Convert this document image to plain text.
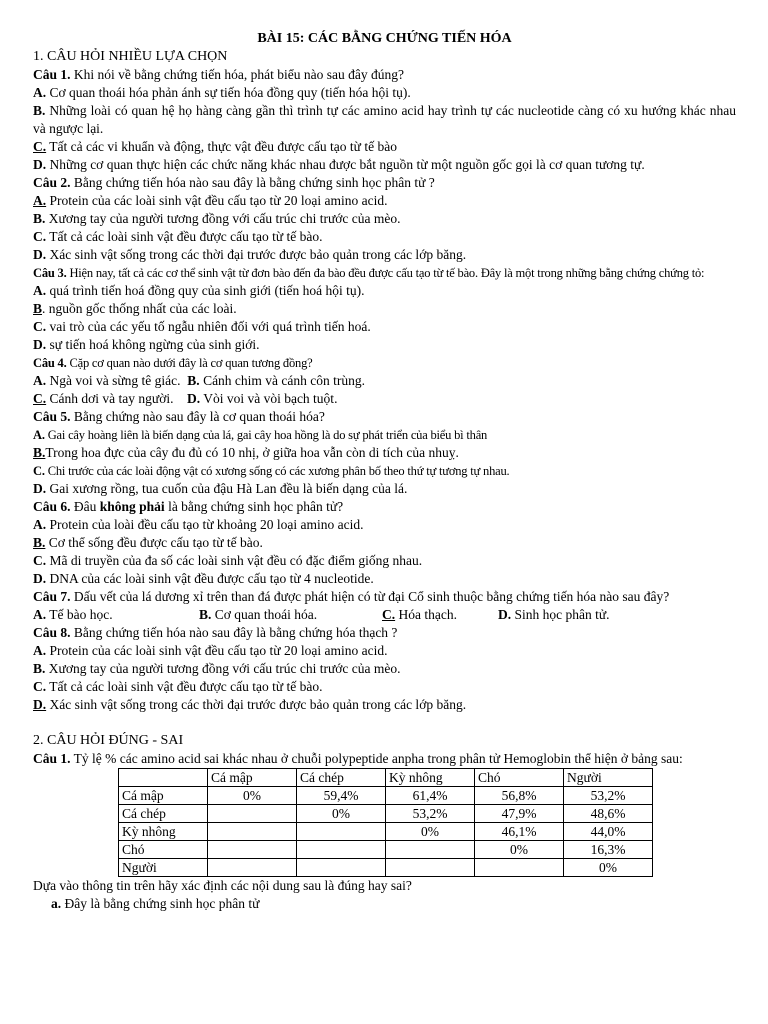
BÀI 15: CÁC BẰNG CHỨNG TIẾN HÓA

1. CÂU HỎI NHIỀU LỰA CHỌN

Câu 1. Khi nói về bằng chứng tiến hóa, phát biểu nào sau đây đúng?

A. Cơ quan thoái hóa phản ánh sự tiến hóa đồng quy (tiến hóa hội tụ).

B. Những loài có quan hệ họ hàng càng gần thì trình tự các amino acid hay trình tự các nucleotide càng có xu hướng khác nhau và ngược lại.

C. Tất cả các vi khuẩn và động, thực vật đều được cấu tạo từ tế bào

D. Những cơ quan thực hiện các chức năng khác nhau được bắt nguồn từ một nguồn gốc gọi là cơ quan tương tự.

Câu 2. Bằng chứng tiến hóa nào sau đây là bằng chứng sinh học phân tử ?

A. Protein của các loài sinh vật đều cấu tạo từ 20 loại amino acid.

B. Xương tay của người tương đồng với cấu trúc chi trước của mèo.

C. Tất cả các loài sinh vật đều được cấu tạo từ tế bào.

D. Xác sinh vật sống trong các thời đại trước được bảo quản trong các lớp băng.

Câu 3. Hiện nay, tất cả các cơ thể sinh vật từ đơn bào đến đa bào đều được cấu tạo từ tế bào. Đây là một trong những bằng chứng chứng tỏ:

A. quá trình tiến hoá đồng quy của sinh giới (tiến hoá hội tụ).

B. nguồn gốc thống nhất của các loài.

C. vai trò của các yếu tố ngẫu nhiên đối với quá trình tiến hoá.

D. sự tiến hoá không ngừng của sinh giới.

Câu 4. Cặp cơ quan nào dưới đây là cơ quan tương đồng?

A. Ngà voi và sừng tê giác. B. Cánh chim và cánh côn trùng.

C. Cánh dơi và tay người. D. Vòi voi và vòi bạch tuột.

Câu 5. Bằng chứng nào sau đây là cơ quan thoái hóa?

A. Gai cây hoàng liên là biến dạng của lá, gai cây hoa hồng là do sự phát triển của biểu bì thân

B.Trong hoa đực của cây đu đủ có 10 nhị, ở giữa hoa vẫn còn di tích của nhuỵ.

C. Chi trước của các loài động vật có xương sống có các xương phân bố theo thứ tự tương tự nhau.

D. Gai xương rồng, tua cuốn của đậu Hà Lan đều là biến dạng của lá.

Câu 6. Đâu không phải là bằng chứng sinh học phân tử?

A. Protein của loài đều cấu tạo từ khoảng 20 loại amino acid.

B. Cơ thể sống đều được cấu tạo từ tế bào.

C. Mã di truyền của đa số các loài sinh vật đều có đặc điểm giống nhau.

D. DNA của các loài sinh vật đều được cấu tạo từ 4 nucleotide.

Câu 7. Dấu vết của lá dương xỉ trên than đá được phát hiện có từ đại Cổ sinh thuộc bằng chứng tiến hóa nào sau đây?

A. Tế bào học.	B. Cơ quan thoái hóa.	C. Hóa thạch.	D. Sinh học phân tử.

Câu 8. Bằng chứng tiến hóa nào sau đây là bằng chứng hóa thạch ?

A. Protein của các loài sinh vật đều cấu tạo từ 20 loại amino acid.

B. Xương tay của người tương đồng với cấu trúc chi trước của mèo.

C. Tất cả các loài sinh vật đều được cấu tạo từ tế bào.

D. Xác sinh vật sống trong các thời đại trước được bảo quản trong các lớp băng.

2. CÂU HỎI ĐÚNG - SAI

Câu 1. Tỷ lệ % các amino acid sai khác nhau ở chuỗi polypeptide anpha trong phân tử Hemoglobin thể hiện ở bảng sau:

	Cá mập	Cá chép	Kỳ nhông	Chó	Người
Cá mập	0%	59,4%	61,4%	56,8%	53,2%
Cá chép		0%	53,2%	47,9%	48,6%
Kỳ nhông			0%	46,1%	44,0%
Chó				0%	16,3%
Người					0%

Dựa vào thông tin trên hãy xác định các nội dung sau là đúng hay sai?

a. Đây là bằng chứng sinh học phân tử
